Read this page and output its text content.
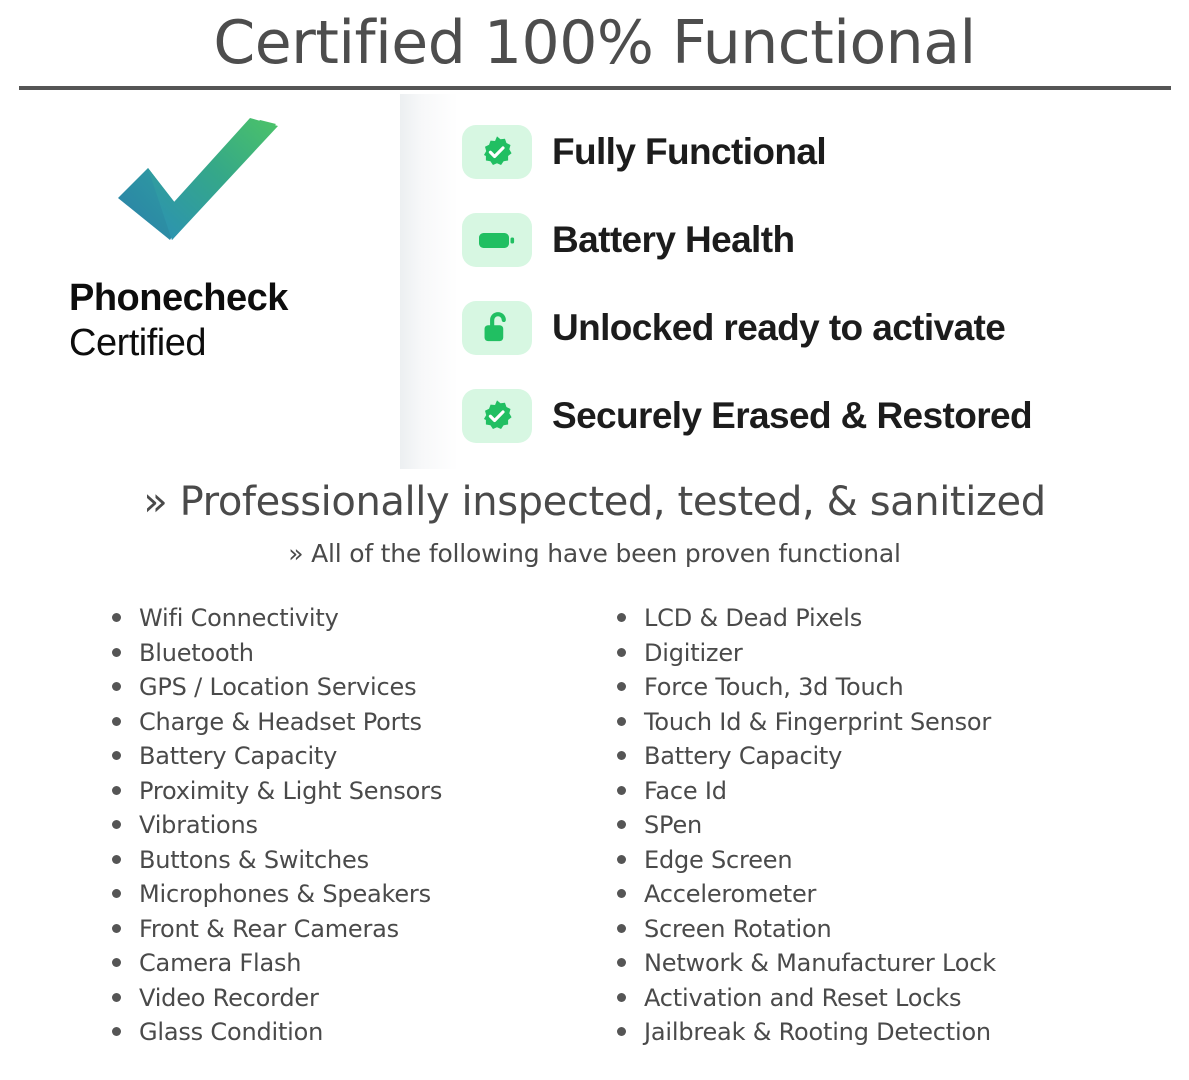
Certified 100% Functional
Phonecheck
Certified
Fully Functional
Battery Health
Unlocked ready to activate
Securely Erased & Restored
» Professionally inspected, tested, & sanitized
» All of the following have been proven functional
Wifi Connectivity
Bluetooth
GPS / Location Services
Charge & Headset Ports
Battery Capacity
Proximity & Light Sensors
Vibrations
Buttons & Switches
Microphones & Speakers
Front & Rear Cameras
Camera Flash
Video Recorder
Glass Condition
LCD & Dead Pixels
Digitizer
Force Touch, 3d Touch
Touch Id & Fingerprint Sensor
Battery Capacity
Face Id
SPen
Edge Screen
Accelerometer
Screen Rotation
Network & Manufacturer Lock
Activation and Reset Locks
Jailbreak & Rooting Detection
